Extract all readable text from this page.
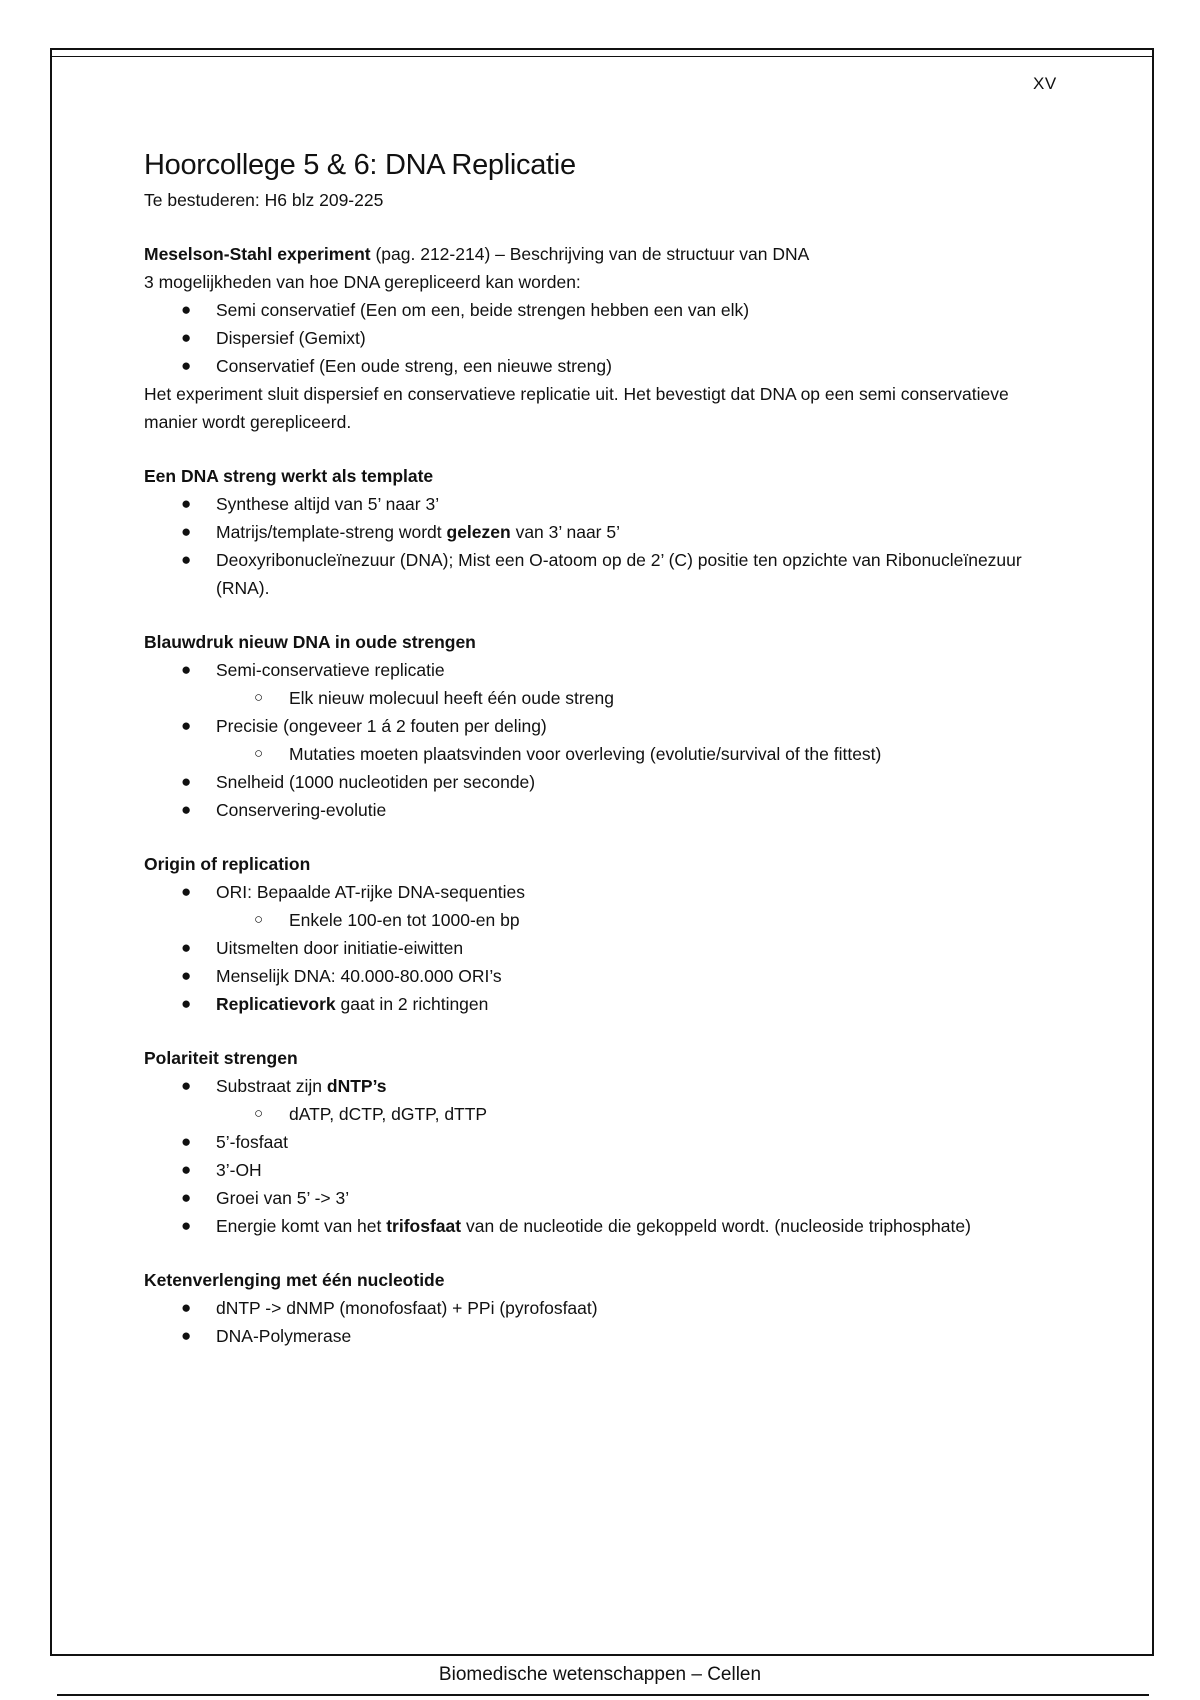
XV
Hoorcollege 5 & 6: DNA Replicatie

Te bestuderen: H6 blz 209-225

Meselson-Stahl experiment (pag. 212-214) – Beschrijving van de structuur van DNA

3 mogelijkheden van hoe DNA gerepliceerd kan worden:

● Semi conservatief (Een om een, beide strengen hebben een van elk)
● Dispersief (Gemixt)
● Conservatief (Een oude streng, een nieuwe streng)

Het experiment sluit dispersief en conservatieve replicatie uit. Het bevestigt dat DNA op een semi conservatieve manier wordt gerepliceerd.

Een DNA streng werkt als template

● Synthese altijd van 5’ naar 3’
● Matrijs/template-streng wordt gelezen van 3’ naar 5’
● Deoxyribonucleïnezuur (DNA); Mist een O-atoom op de 2’ (C) positie ten opzichte van Ribonucleïnezuur (RNA).

Blauwdruk nieuw DNA in oude strengen

● Semi-conservatieve replicatie
○ Elk nieuw molecuul heeft één oude streng
● Precisie (ongeveer 1 á 2 fouten per deling)
○ Mutaties moeten plaatsvinden voor overleving (evolutie/survival of the fittest)
● Snelheid (1000 nucleotiden per seconde)
● Conservering-evolutie

Origin of replication

● ORI: Bepaalde AT-rijke DNA-sequenties
○ Enkele 100-en tot 1000-en bp
● Uitsmelten door initiatie-eiwitten
● Menselijk DNA: 40.000-80.000 ORI’s
● Replicatievork gaat in 2 richtingen

Polariteit strengen

● Substraat zijn dNTP’s
○ dATP, dCTP, dGTP, dTTP
● 5’-fosfaat
● 3’-OH
● Groei van 5’ -> 3’
● Energie komt van het trifosfaat van de nucleotide die gekoppeld wordt. (nucleoside triphosphate)

Ketenverlenging met één nucleotide

● dNTP -> dNMP (monofosfaat) + PPi (pyrofosfaat)
● DNA-Polymerase
Biomedische wetenschappen – Cellen
